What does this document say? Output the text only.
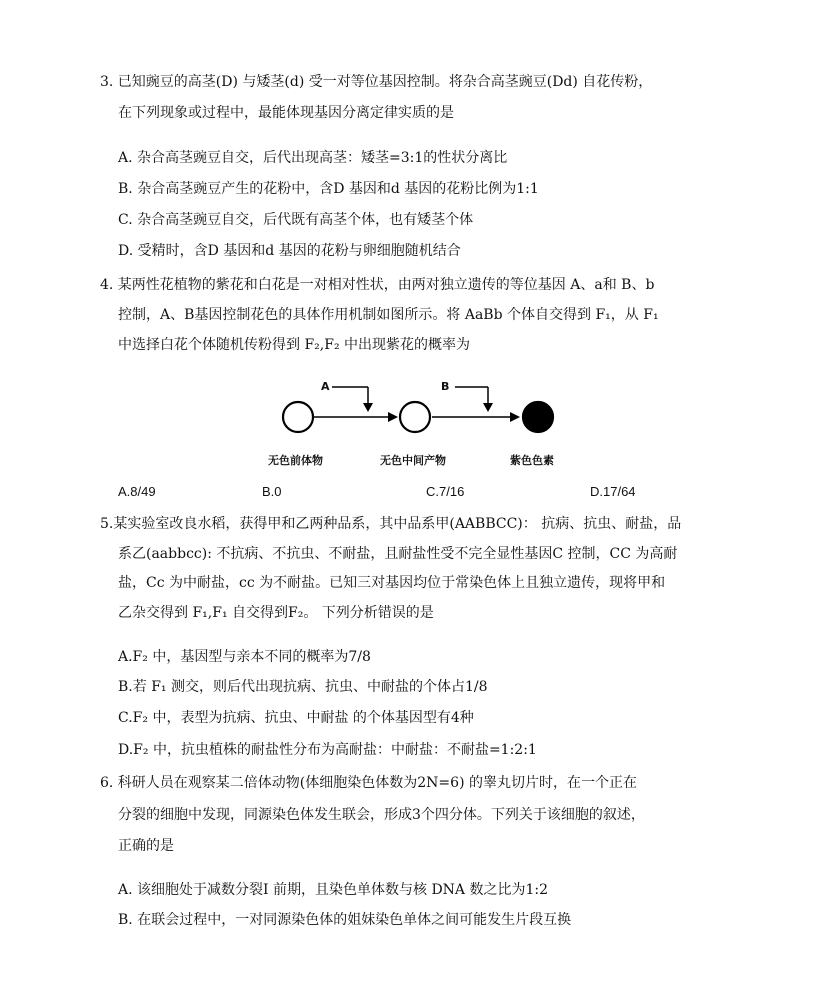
3. 已知豌豆的高茎(D) 与矮茎(d) 受一对等位基因控制。将杂合高茎豌豆(Dd) 自花传粉，
在下列现象或过程中，最能体现基因分离定律实质的是
A. 杂合高茎豌豆自交，后代出现高茎：矮茎=3:1的性状分离比
B. 杂合高茎豌豆产生的花粉中，含D 基因和d 基因的花粉比例为1:1
C. 杂合高茎豌豆自交，后代既有高茎个体，也有矮茎个体
D. 受精时，含D 基因和d 基因的花粉与卵细胞随机结合
4. 某两性花植物的紫花和白花是一对相对性状，由两对独立遗传的等位基因 A、a和 B、b
控制，A、B基因控制花色的具体作用机制如图所示。将 AaBb 个体自交得到 F₁，从 F₁
中选择白花个体随机传粉得到 F₂,F₂ 中出现紫花的概率为
A	B
无色前体物	无色中间产物	紫色色素
A.8/49	B.0	C.7/16	D.17/64
5.某实验室改良水稻，获得甲和乙两种品系，其中品系甲(AABBCC)： 抗病、抗虫、耐盐，品
系乙(aabbcc): 不抗病、不抗虫、不耐盐，且耐盐性受不完全显性基因C 控制，CC 为高耐
盐，Cc 为中耐盐，cc 为不耐盐。已知三对基因均位于常染色体上且独立遗传，现将甲和
乙杂交得到 F₁,F₁ 自交得到F₂。 下列分析错误的是
A.F₂ 中，基因型与亲本不同的概率为7/8
B.若 F₁ 测交，则后代出现抗病、抗虫、中耐盐的个体占1/8
C.F₂ 中，表型为抗病、抗虫、中耐盐 的个体基因型有4种
D.F₂ 中，抗虫植株的耐盐性分布为高耐盐：中耐盐：不耐盐=1:2:1
6. 科研人员在观察某二倍体动物(体细胞染色体数为2N=6) 的睾丸切片时，在一个正在
分裂的细胞中发现，同源染色体发生联会，形成3个四分体。下列关于该细胞的叙述，
正确的是
A. 该细胞处于减数分裂I 前期，且染色单体数与核 DNA 数之比为1:2
B. 在联会过程中，一对同源染色体的姐妹染色单体之间可能发生片段互换
